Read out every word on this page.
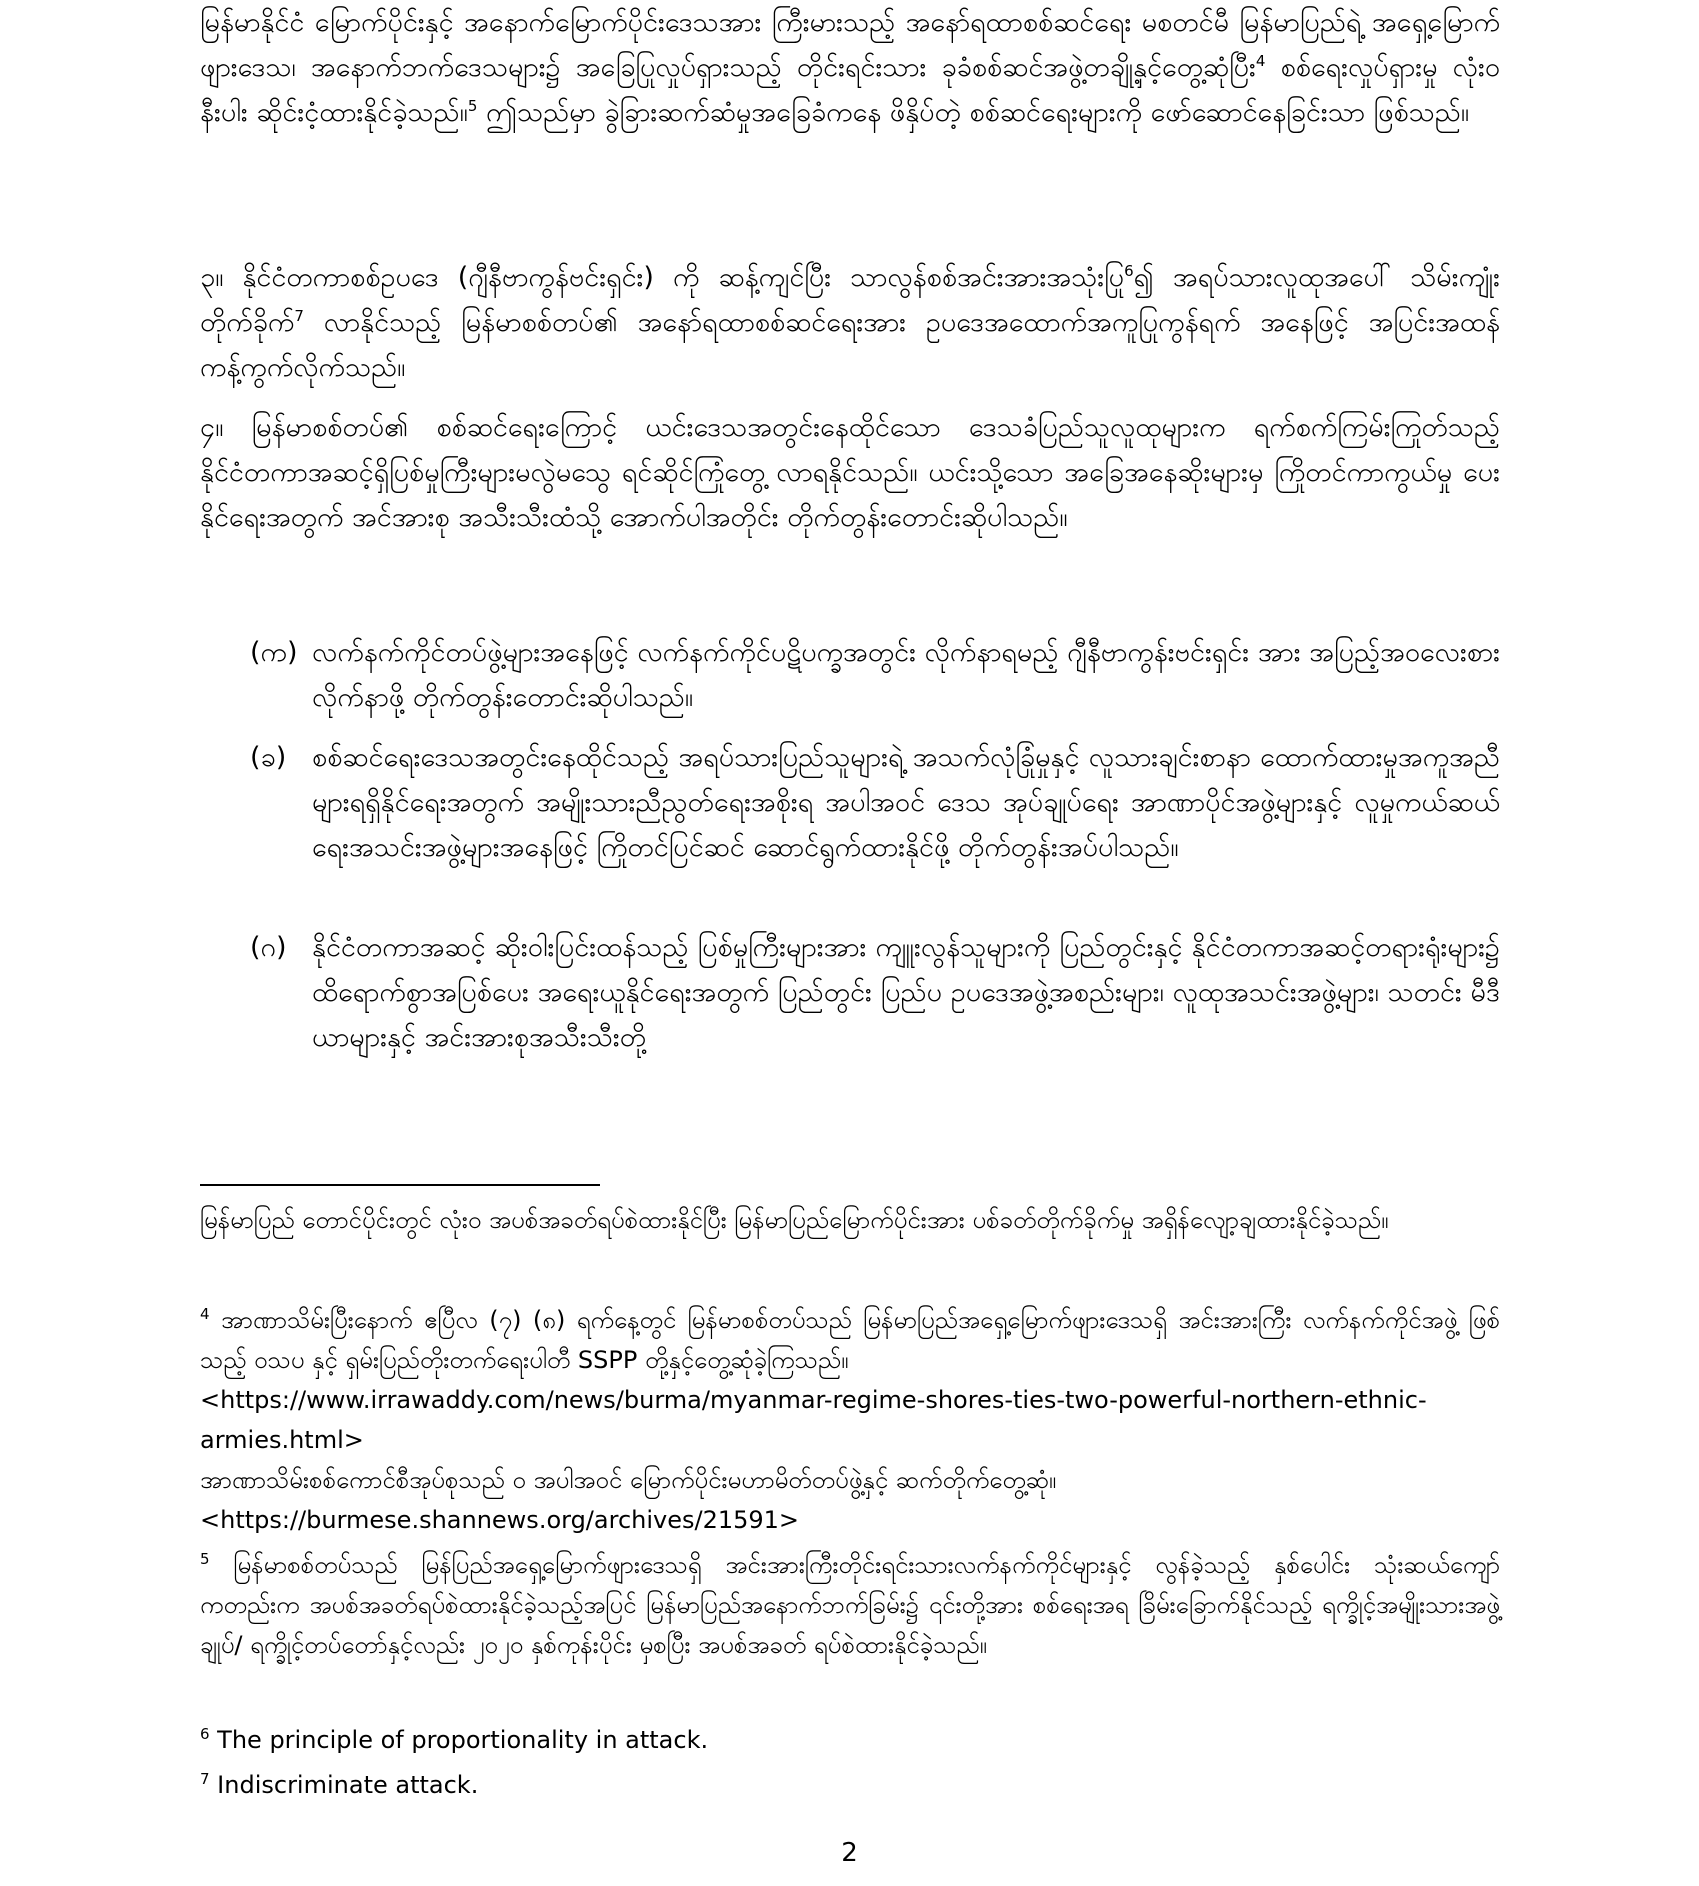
မြန်မာနိုင်ငံ မြောက်ပိုင်းနှင့် အနောက်မြောက်ပိုင်းဒေသအား ကြီးမားသည့် အနော်ရထာစစ်ဆင်ရေး မစတင်မီ မြန်မာပြည်ရဲ့ အရှေ့မြောက်ဖျားဒေသ၊ အနောက်ဘက်ဒေသများ၌ အခြေပြုလှုပ်ရှားသည့် တိုင်းရင်းသား ခုခံစစ်ဆင်အဖွဲ့တချို့နှင့်တွေ့ဆုံပြီး$^4$ စစ်ရေးလှုပ်ရှားမှု လုံးဝနီးပါး ဆိုင်းငံ့ထားနိုင်ခဲ့သည်။$^5$ ဤသည်မှာ ခွဲခြားဆက်ဆံမှုအခြေခံကနေ ဖိနှိပ်တဲ့ စစ်ဆင်ရေးများကို ဖော်ဆောင်နေခြင်းသာ ဖြစ်သည်။

၃။ နိုင်ငံတကာစစ်ဥပဒေ (ဂျီနီဗာကွန်ဗင်းရှင်း) ကို ဆန့်ကျင်ပြီး သာလွန်စစ်အင်းအားအသုံးပြု$^6$၍ အရပ်သားလူထုအပေါ် သိမ်းကျုံးတိုက်ခိုက်$^7$ လာနိုင်သည့် မြန်မာစစ်တပ်၏ အနော်ရထာစစ်ဆင်ရေးအား ဥပဒေအထောက်အကူပြုကွန်ရက် အနေဖြင့် အပြင်းအထန်ကန့်ကွက်လိုက်သည်။

၄။ မြန်မာစစ်တပ်၏ စစ်ဆင်ရေးကြောင့် ယင်းဒေသအတွင်းနေထိုင်သော ဒေသခံပြည်သူလူထုများက ရက်စက်ကြမ်းကြုတ်သည့် နိုင်ငံတကာအဆင့်ရှိပြစ်မှုကြီးများမလွဲမသွေ ရင်ဆိုင်ကြုံတွေ့ လာရနိုင်သည်။ ယင်းသို့သော အခြေအနေဆိုးများမှ ကြိုတင်ကာကွယ်မှု ပေးနိုင်ရေးအတွက် အင်အားစု အသီးသီးထံသို့ အောက်ပါအတိုင်း တိုက်တွန်းတောင်းဆိုပါသည်။

(က) လက်နက်ကိုင်တပ်ဖွဲ့များအနေဖြင့် လက်နက်ကိုင်ပဋိပက္ခအတွင်း လိုက်နာရမည့် ဂျီနီဗာကွန်းဗင်းရှင်း အား အပြည့်အဝလေးစားလိုက်နာဖို့ တိုက်တွန်းတောင်းဆိုပါသည်။
(ခ) စစ်ဆင်ရေးဒေသအတွင်းနေထိုင်သည့် အရပ်သားပြည်သူများရဲ့ အသက်လုံခြုံမှုနှင့် လူသားချင်းစာနာ ထောက်ထားမှုအကူအညီများရရှိနိုင်ရေးအတွက် အမျိုးသားညီညွတ်ရေးအစိုးရ အပါအဝင် ဒေသ အုပ်ချုပ်ရေး အာဏာပိုင်အဖွဲ့များနှင့် လူမှုကယ်ဆယ်ရေးအသင်းအဖွဲ့များအနေဖြင့် ကြိုတင်ပြင်ဆင် ဆောင်ရွက်ထားနိုင်ဖို့ တိုက်တွန်းအပ်ပါသည်။
(ဂ) နိုင်ငံတကာအဆင့် ဆိုးဝါးပြင်းထန်သည့် ပြစ်မှုကြီးများအား ကျူးလွန်သူများကို ပြည်တွင်းနှင့် နိုင်ငံတကာအဆင့်တရားရုံးများ၌ ထိရောက်စွာအပြစ်ပေး အရေးယူနိုင်ရေးအတွက် ပြည်တွင်း ပြည်ပ ဥပဒေအဖွဲ့အစည်းများ၊ လူထုအသင်းအဖွဲ့များ၊ သတင်း မီဒီယာများနှင့် အင်းအားစုအသီးသီးတို့

မြန်မာပြည် တောင်ပိုင်းတွင် လုံးဝ အပစ်အခတ်ရပ်စဲထားနိုင်ပြီး မြန်မာပြည်မြောက်ပိုင်းအား ပစ်ခတ်တိုက်ခိုက်မှု အရှိန်လျော့ချထားနိုင်ခဲ့သည်။

$^4$ အာဏာသိမ်းပြီးနောက် ဧပြီလ (၇) (၈) ရက်နေ့တွင် မြန်မာစစ်တပ်သည် မြန်မာပြည်အရှေ့မြောက်ဖျားဒေသရှိ အင်းအားကြီး လက်နက်ကိုင်အဖွဲ့ ဖြစ်သည့် ဝသပ နှင့် ရှမ်းပြည်တိုးတက်ရေးပါတီ SSPP တို့နှင့်တွေ့ဆုံခဲ့ကြသည်။
<https://www.irrawaddy.com/news/burma/myanmar-regime-shores-ties-two-powerful-northern-ethnic-armies.html>
အာဏာသိမ်းစစ်ကောင်စီအုပ်စုသည် ဝ အပါအဝင် မြောက်ပိုင်းမဟာမိတ်တပ်ဖွဲ့နှင့် ဆက်တိုက်တွေ့ဆုံ။
<https://burmese.shannews.org/archives/21591>
$^5$ မြန်မာစစ်တပ်သည် မြန်ပြည်အရှေ့မြောက်ဖျားဒေသရှိ အင်းအားကြီးတိုင်းရင်းသားလက်နက်ကိုင်များနှင့် လွန်ခဲ့သည့် နှစ်ပေါင်း သုံးဆယ်ကျော် ကတည်းက အပစ်အခတ်ရပ်စဲထားနိုင်ခဲ့သည့်အပြင် မြန်မာပြည်အနောက်ဘက်ခြမ်း၌ ၎င်းတို့အား စစ်ရေးအရ ခြိမ်းခြောက်နိုင်သည့် ရက္ခိုင့်အမျိုးသားအဖွဲ့ချုပ်/ ရက္ခိုင့်တပ်တော်နှင့်လည်း ၂၀၂၀ နှစ်ကုန်းပိုင်း မှစပြီး အပစ်အခတ် ရပ်စဲထားနိုင်ခဲ့သည်။
$^6$ The principle of proportionality in attack.
$^7$ Indiscriminate attack.
2
